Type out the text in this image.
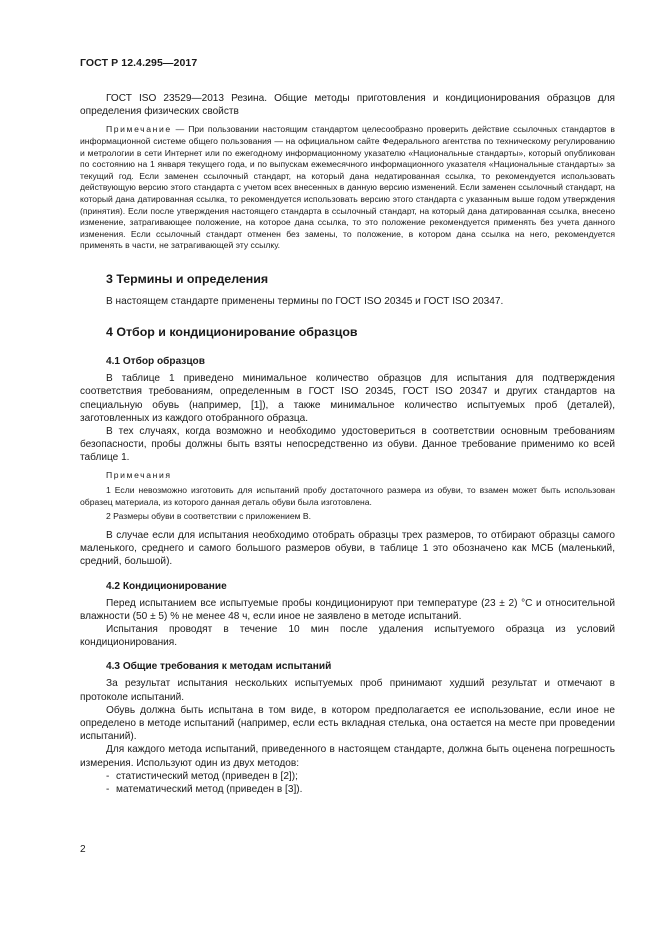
ГОСТ Р 12.4.295—2017

ГОСТ ISO 23529—2013 Резина. Общие методы приготовления и кондиционирования образцов для определения физических свойств

Примечание — При пользовании настоящим стандартом целесообразно проверить действие ссылочных стандартов в информационной системе общего пользования — на официальном сайте Федерального агентства по техническому регулированию и метрологии в сети Интернет или по ежегодному информационному указателю «Национальные стандарты», который опубликован по состоянию на 1 января текущего года, и по выпускам ежемесячного информационного указателя «Национальные стандарты» за текущий год. Если заменен ссылочный стандарт, на который дана недатированная ссылка, то рекомендуется использовать действующую версию этого стандарта с учетом всех внесенных в данную версию изменений. Если заменен ссылочный стандарт, на который дана датированная ссылка, то рекомендуется использовать версию этого стандарта с указанным выше годом утверждения (принятия). Если после утверждения настоящего стандарта в ссылочный стандарт, на который дана датированная ссылка, внесено изменение, затрагивающее положение, на которое дана ссылка, то это положение рекомендуется применять без учета данного изменения. Если ссылочный стандарт отменен без замены, то положение, в котором дана ссылка на него, рекомендуется применять в части, не затрагивающей эту ссылку.

3 Термины и определения

В настоящем стандарте применены термины по ГОСТ ISO 20345 и ГОСТ ISO 20347.

4 Отбор и кондиционирование образцов
4.1 Отбор образцов

В таблице 1 приведено минимальное количество образцов для испытания для подтверждения соответствия требованиям, определенным в ГОСТ ISO 20345, ГОСТ ISO 20347 и других стандартов на специальную обувь (например, [1]), а также минимальное количество испытуемых проб (деталей), заготовленных из каждого отобранного образца.

В тех случаях, когда возможно и необходимо удостовериться в соответствии основным требованиям безопасности, пробы должны быть взяты непосредственно из обуви. Данное требование применимо ко всей таблице 1.

Примечания

1 Если невозможно изготовить для испытаний пробу достаточного размера из обуви, то взамен может быть использован образец материала, из которого данная деталь обуви была изготовлена.

2 Размеры обуви в соответствии с приложением В.

В случае если для испытания необходимо отобрать образцы трех размеров, то отбирают образцы самого маленького, среднего и самого большого размеров обуви, в таблице 1 это обозначено как МСБ (маленький, средний, большой).

4.2 Кондиционирование

Перед испытанием все испытуемые пробы кондиционируют при температуре (23 ± 2) °С и относительной влажности (50 ± 5) % не менее 48 ч, если иное не заявлено в методе испытаний.

Испытания проводят в течение 10 мин после удаления испытуемого образца из условий кондиционирования.

4.3 Общие требования к методам испытаний

За результат испытания нескольких испытуемых проб принимают худший результат и отмечают в протоколе испытаний.

Обувь должна быть испытана в том виде, в котором предполагается ее использование, если иное не определено в методе испытаний (например, если есть вкладная стелька, она остается на месте при проведении испытаний).

Для каждого метода испытаний, приведенного в настоящем стандарте, должна быть оценена погрешность измерения. Используют один из двух методов:

- статистический метод (приведен в [2]);
- математический метод (приведен в [3]).
2
